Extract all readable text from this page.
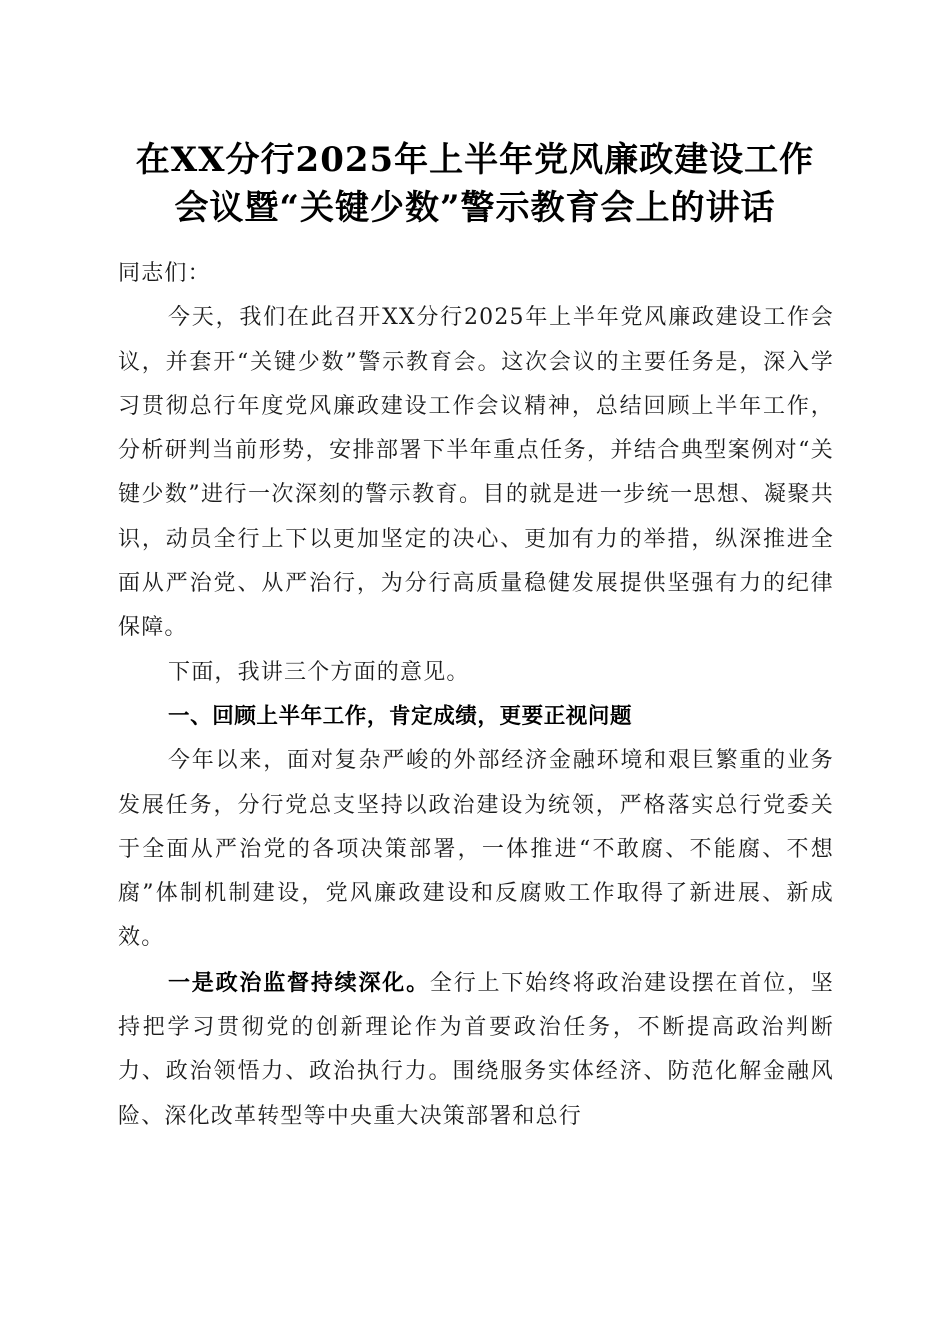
在XX分行2025年上半年党风廉政建设工作
会议暨“关键少数”警示教育会上的讲话

同志们：

今天，我们在此召开XX分行2025年上半年党风廉政建设工作会议，并套开“关键少数”警示教育会。这次会议的主要任务是，深入学习贯彻总行年度党风廉政建设工作会议精神，总结回顾上半年工作，分析研判当前形势，安排部署下半年重点任务，并结合典型案例对“关键少数”进行一次深刻的警示教育。目的就是进一步统一思想、凝聚共识，动员全行上下以更加坚定的决心、更加有力的举措，纵深推进全面从严治党、从严治行，为分行高质量稳健发展提供坚强有力的纪律保障。

下面，我讲三个方面的意见。

一、回顾上半年工作，肯定成绩，更要正视问题

今年以来，面对复杂严峻的外部经济金融环境和艰巨繁重的业务发展任务，分行党总支坚持以政治建设为统领，严格落实总行党委关于全面从严治党的各项决策部署，一体推进“不敢腐、不能腐、不想腐”体制机制建设，党风廉政建设和反腐败工作取得了新进展、新成效。

一是政治监督持续深化。全行上下始终将政治建设摆在首位，坚持把学习贯彻党的创新理论作为首要政治任务，不断提高政治判断力、政治领悟力、政治执行力。围绕服务实体经济、防范化解金融风险、深化改革转型等中央重大决策部署和总行
